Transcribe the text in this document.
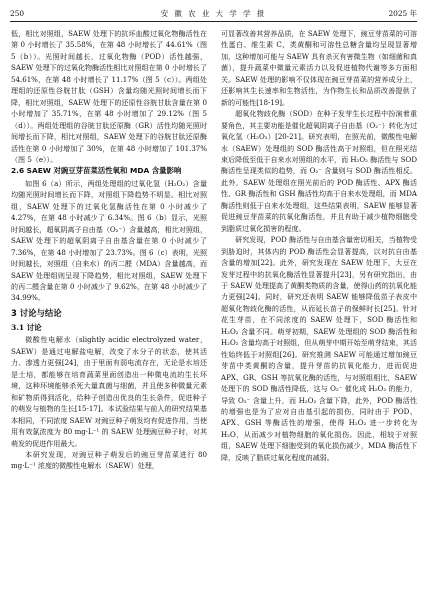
250	安 徽 农 业 大 学 学 报	2025 年

低，相比对照组，SAEW 处理下的抗坏血酸过氧化物酶活性在第 0 小时增长了 35.58%，在第 48 小时增长了 44.61%（图 5（b））。光照时间越长，过氧化物酶（POD）活性越强，SAEW 处理下的过氧化物酶活性相比对照组在第 0 小时增长了 54.61%，在第 48 小时增长了 11.17%（图 5（c））。两组处理组的还原性谷胱甘肽（GSH）含量均随光照时间增长而下降，相比对照组，SAEW 处理下的还原性谷胱甘肽含量在第 0 小时增加了 35.71%，在第 48 小时增加了 29.12%（图 5（d））。两组处理组的谷胱甘肽还原酶（GR）活性均随光照时间增长而下降，相比对照组，SAEW 处理下的谷胱甘肽还原酶活性在第 0 小时增加了 30%，在第 48 小时增加了 101.37%（图 5（e））。

2.6 SAEW 对豌豆芽苗菜活性氧和 MDA 含量影响

如图 6（a）所示，两组处理组的过氧化氢（H₂O₂）含量均随光照时间增长而下降，对照组下降趋势不明显。相比对照组，SAEW 处理下的过氧化氢酶活性在第 0 小时减少了 4.27%，在第 48 小时减少了 6.34%。图 6（b）显示，光照时间越长，超氧阴离子自由基（O₂⁻）含量越高，相比对照组，SAEW 处理下的超氧阴离子自由基含量在第 0 小时减少了 7.36%，在第 48 小时增加了 23.73%。图 6（c）表明，光照时间越长，对照组（自来水）的丙二醛（MDA）含量越高，而 SAEW 处理组则呈现下降趋势，相比对照组，SAEW 处理下的丙二醛含量在第 0 小时减少了 9.62%，在第 48 小时减少了 34.99%。

3 讨论与结论
3.1 讨论

微酸性电解水（slightly acidic electrolyzed water，SAEW）是通过电解盐电解，改变了水分子的状态，使其活力、渗透力更强[24]，由于里面有弱电流存在，无论是水培还是土培，都能够在培育蔬菜里面创造出一种微电流的生长环境，这种环境能够杀死大量真菌与细菌，并且使多种微量元素和矿物质得到活化，给种子创造出优良的生长条件，促进种子的萌发与植物的生长[15-17]。本试验结果与前人的研究结果基本相同，不同浓度 SAEW 对豌豆种子萌发均有促进作用，当使用有效氯浓度为 80 mg·L⁻¹ 的 SAEW 处理豌豆种子时，对其萌发的促进作用最大。

本研究发现，对豌豆种子萌发后的豌豆芽苗菜进行 80 mg·L⁻¹ 浓度的微酸性电解水（SAEW）处理，

可显著改善其营养品质，在 SAEW 处理下，豌豆芽苗菜的可溶性蛋白、维生素 C、类黄酮和可溶性总糖含量均呈现显著增加，这种增加可能与 SAEW 具有杀灭有害微生物（如细菌和真菌），提升蔬菜中微量元素活力以及促进植物代谢等多方面相关。SAEW 处理的影响不仅体现在豌豆芽苗菜的营养成分上，还影响其生长速率和生物活性，为作物生长和品质改善提供了新的可能性[18-19]。

超氧化物歧化酶（SOD）在种子发芽生长过程中扮演着重要角色，其主要功能是催化超氧阴离子自由基（O₂⁻）转化为过氧化氢（H₂O₂）[20-21]。研究表明，在照光前，微酸性电解水（SAEW）处理组的 SOD 酶活性高于对照组，但在照光结束后降低至低于自来水对照组的水平，而 H₂O₂ 酶活性与 SOD 酶活性呈现类似的趋势，而 O₂⁻ 含量则与 SOD 酶活性相反。此外，SAEW 处理组在照光前后的 POD 酶活性、APX 酶活性、GR 酶活性和 GSH 酶活性均高于自来水处理组，而 MDA 酶活性则低于自来水处理组，这些结果表明，SAEW 能够显著促进豌豆芽苗菜的抗氧化酶活性，并且有助于减少植物细胞受到脂质过氧化损害的程度。

研究发现，POD 酶活性与自由基含量密切相关，当植物受到胁迫时，其体内的 POD 酶活性会显著提高，以对抗自由基含量的增加[22]。此外，研究发现在 SAEW 处理下，大豆在发芽过程中的抗氧化酶活性显著提升[23]，另有研究指出，由于 SAEW 处理提高了黄酮类物质的含量，使得山药的抗氧化能力更强[24]。同时，研究还表明 SAEW 能够降低苗子表皮中超氧化物歧化酶的活性，从而延长苗子的保鲜时长[25]。针对花生芽苗，在不同浓度的 SAEW 处理下，SOD 酶活性和 H₂O₂ 含量不同。萌芽初期，SAEW 处理组的 SOD 酶活性和 H₂O₂ 含量均高于对照组，但从萌芽中期开始至萌芽结束，其活性始终低于对照组[26]。研究推测 SAEW 可能通过增加豌豆芽苗中类黄酮的含量，提升芽苗的抗氧化能力，进而促进 APX、GR、GSH 等抗氧化酶的活性，与对照组相比，SAEW 处理下的 SOD 酶活性降低，这与 O₂⁻ 催化成 H₂O₂ 的能力，导致 O₂⁻ 含量上升，而 H₂O₂ 含量下降，此外，POD 酶活性的增强也是为了应对自由基引起的损伤，同时由于 POD、APX、GSH 等酶活性的增强，使得 H₂O₂ 进一步转化为 H₂O，从而减少对植物细胞的氧化损伤。因此，相较于对照组，SAEW 处理下细胞受到的氧化损伤减少，MDA 酶活性下降，反映了脂质过氧化程度的减弱。
